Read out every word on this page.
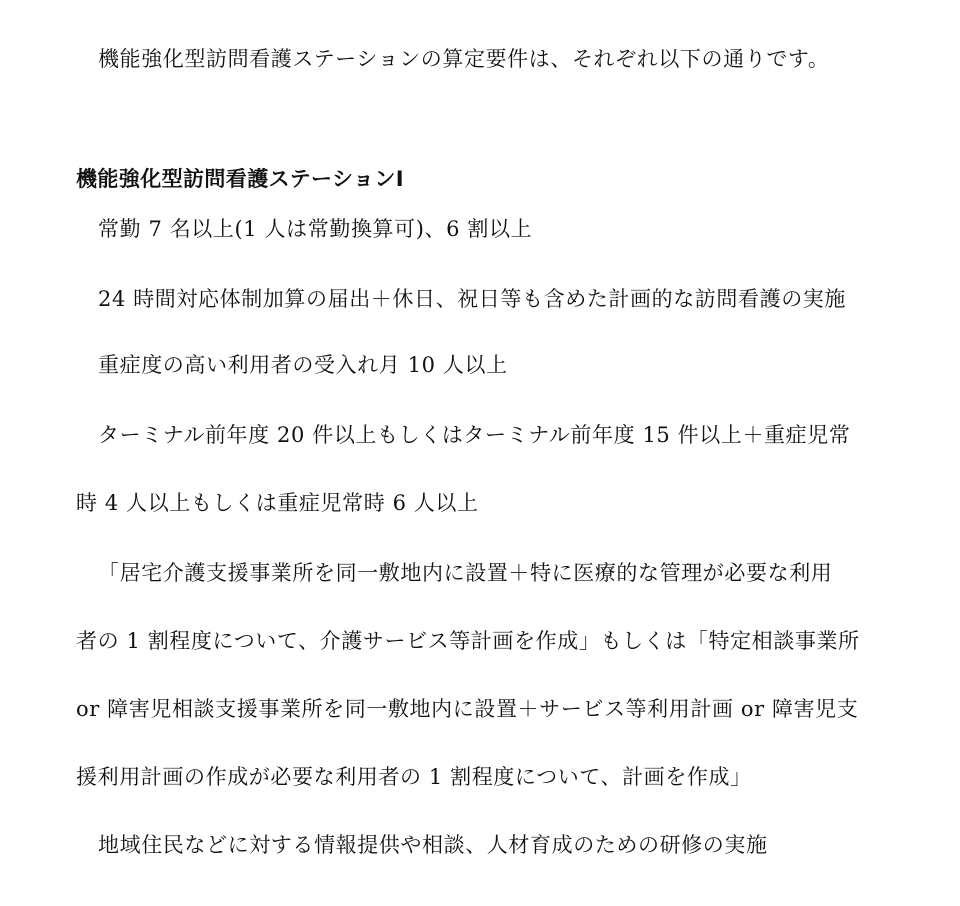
機能強化型訪問看護ステーションの算定要件は、それぞれ以下の通りです。
機能強化型訪問看護ステーションⅠ
常勤 7 名以上(1 人は常勤換算可)、6 割以上
24 時間対応体制加算の届出＋休日、祝日等も含めた計画的な訪問看護の実施
重症度の高い利用者の受入れ月 10 人以上
ターミナル前年度 20 件以上もしくはターミナル前年度 15 件以上＋重症児常
時 4 人以上もしくは重症児常時 6 人以上
「居宅介護支援事業所を同一敷地内に設置＋特に医療的な管理が必要な利用
者の 1 割程度について、介護サービス等計画を作成」もしくは「特定相談事業所
or 障害児相談支援事業所を同一敷地内に設置＋サービス等利用計画 or 障害児支
援利用計画の作成が必要な利用者の 1 割程度について、計画を作成」
地域住民などに対する情報提供や相談、人材育成のための研修の実施
